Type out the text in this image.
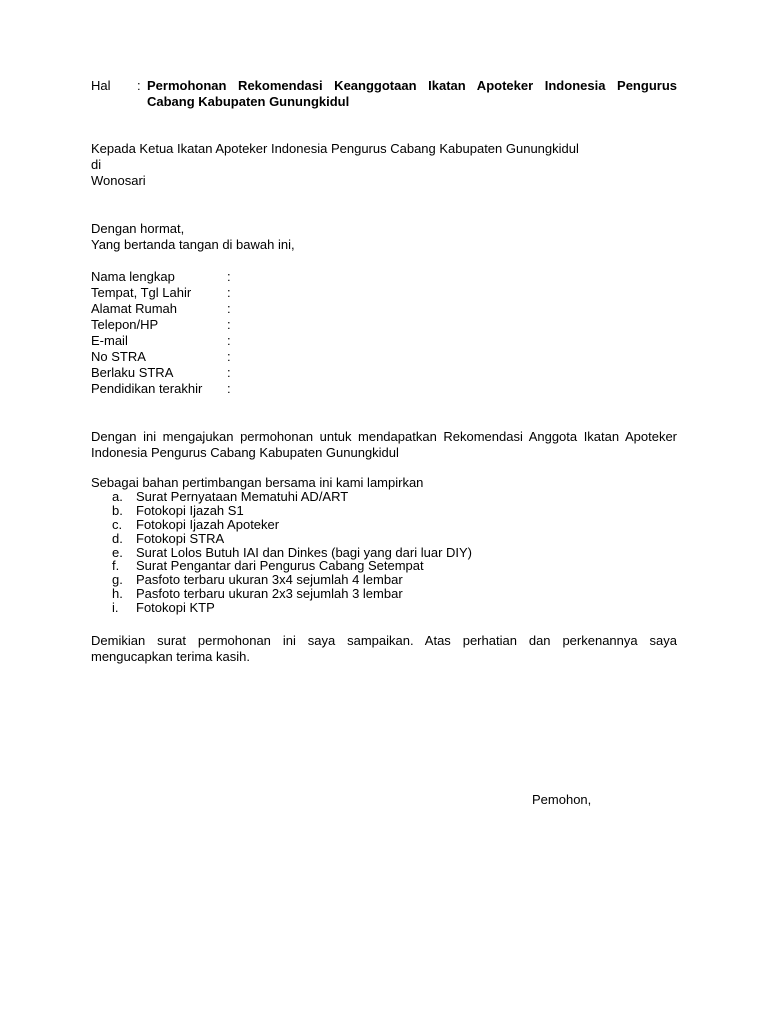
Hal : Permohonan Rekomendasi Keanggotaan Ikatan Apoteker Indonesia Pengurus Cabang Kabupaten Gunungkidul
Kepada Ketua Ikatan Apoteker Indonesia Pengurus Cabang Kabupaten Gunungkidul
di
Wonosari
Dengan hormat,
Yang bertanda tangan di bawah ini,
Nama lengkap	:
Tempat, Tgl Lahir	:
Alamat Rumah	:
Telepon/HP	:
E-mail	:
No STRA	:
Berlaku STRA	:
Pendidikan terakhir :
Dengan ini mengajukan permohonan untuk mendapatkan Rekomendasi Anggota Ikatan Apoteker Indonesia Pengurus Cabang Kabupaten Gunungkidul
Sebagai bahan pertimbangan bersama ini kami lampirkan
a. Surat Pernyataan Mematuhi AD/ART
b. Fotokopi Ijazah S1
c. Fotokopi Ijazah Apoteker
d. Fotokopi STRA
e. Surat Lolos Butuh IAI dan Dinkes (bagi yang dari luar DIY)
f.	Surat Pengantar dari Pengurus Cabang Setempat
g. Pasfoto terbaru ukuran 3x4 sejumlah 4 lembar
h. Pasfoto terbaru ukuran 2x3 sejumlah 3 lembar
i.	Fotokopi KTP
Demikian surat permohonan ini saya sampaikan. Atas perhatian dan perkenannya saya mengucapkan terima kasih.
Pemohon,
